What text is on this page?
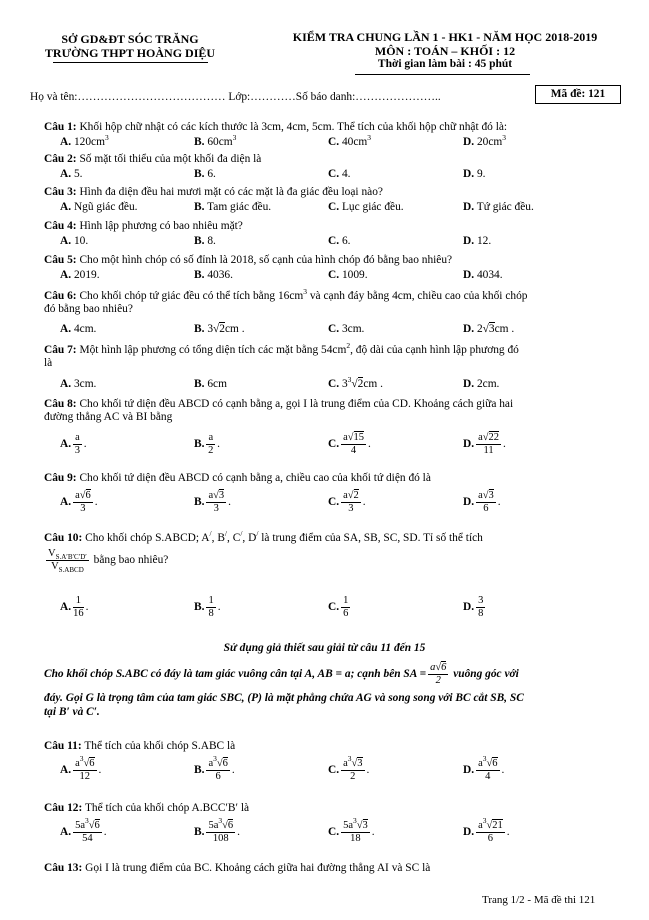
SỞ GD&ĐT SÓC TRĂNG
TRƯỜNG THPT HOÀNG DIỆU
KIỂM TRA CHUNG LẦN 1 - HK1 - NĂM HỌC 2018-2019
MÔN : TOÁN – KHỐI : 12
Thời gian làm bài : 45 phút
Họ và tên:………………………………… Lớp:…………Số báo danh:…………………..	Mã đề: 121
Câu 1: Khối hộp chữ nhật có các kích thước là 3cm, 4cm, 5cm. Thể tích của khối hộp chữ nhật đó là:
A. $120cm^3$	B. $60cm^3$	C. $40cm^3$	D. $20cm^3$
Câu 2: Số mặt tối thiểu của một khối đa diện là
A. 5.	B. 6.	C. 4.	D. 9.
Câu 3: Hình đa diện đều hai mươi mặt có các mặt là đa giác đều loại nào?
A. Ngũ giác đều.	B. Tam giác đều.	C. Lục giác đều.	D. Tứ giác đều.
Câu 4: Hình lập phương có bao nhiêu mặt?
A. 10.	B. 8.	C. 6.	D. 12.
Câu 5: Cho một hình chóp có số đỉnh là 2018, số cạnh của hình chóp đó bằng bao nhiêu?
A. 2019.	B. 4036.	C. 1009.	D. 4034.
Câu 6: Cho khối chóp tứ giác đều có thể tích bằng $16cm^3$ và cạnh đáy bằng 4cm, chiều cao của khối chóp
đó bằng bao nhiêu?
A. 4cm.	B. 3√2cm .	C. 3cm.	D. 2√3cm .
Câu 7: Một hình lập phương có tổng diện tích các mặt bằng $54cm^2$, độ dài của cạnh hình lập phương đó
là
A. 3cm.	B. 6cm	C. $3^3√2cm$ .	D. 2cm.
Câu 8: Cho khối tứ diện đều ABCD có cạnh bằng a, gọi I là trung điểm của CD. Khoảng cách giữa hai
đường thẳng AC và BI bằng
A. $\frac{a}{3}$ .	B. $\frac{a}{2}$ .	C. $\frac{a√15}{4}$ .	D. $\frac{a√22}{11}$ .
Câu 9: Cho khối tứ diện đều ABCD có cạnh bằng a, chiều cao của khối tứ diện đó là
A. $\frac{a√6}{3}$ .	B. $\frac{a√3}{3}$ .	C. $\frac{a√2}{3}$ .	D. $\frac{a√3}{6}$ .
Câu 10: Cho khối chóp S.ABCD; A/, B/, C/, D/ là trung điểm của SA, SB, SC, SD. Tỉ số thể tích
$\frac{V_{S.A'B'C'D'}}{V_{S.ABCD}}$ bằng bao nhiêu?
A. $\frac{1}{16}$ .	B. $\frac{1}{8}$ .	C. $\frac{1}{6}$	D. $\frac{3}{8}$
Sử dụng giả thiết sau giải từ câu 11 đến 15
Cho khối chóp S.ABC có đáy là tam giác vuông cân tại A, AB = a; cạnh bên SA = $\frac{a√6}{2}$ vuông góc với
đáy. Gọi G là trọng tâm của tam giác SBC, (P) là mặt phẳng chứa AG và song song với BC cắt SB, SC
tại B′ và C′.
Câu 11: Thể tích của khối chóp S.ABC là
A. $\frac{a^3√6}{12}$ .	B. $\frac{a^3√6}{6}$ .	C. $\frac{a^3√3}{2}$ .	D. $\frac{a^3√6}{4}$ .
Câu 12: Thể tích của khối chóp A.BCC′B′ là
A. $\frac{5a^3√6}{54}$ .	B. $\frac{5a^3√6}{108}$ .	C. $\frac{5a^3√3}{18}$ .	D. $\frac{a^3√21}{6}$ .
Câu 13: Gọi I là trung điểm của BC. Khoảng cách giữa hai đường thẳng AI và SC là
Trang 1/2 - Mã đề thi 121
